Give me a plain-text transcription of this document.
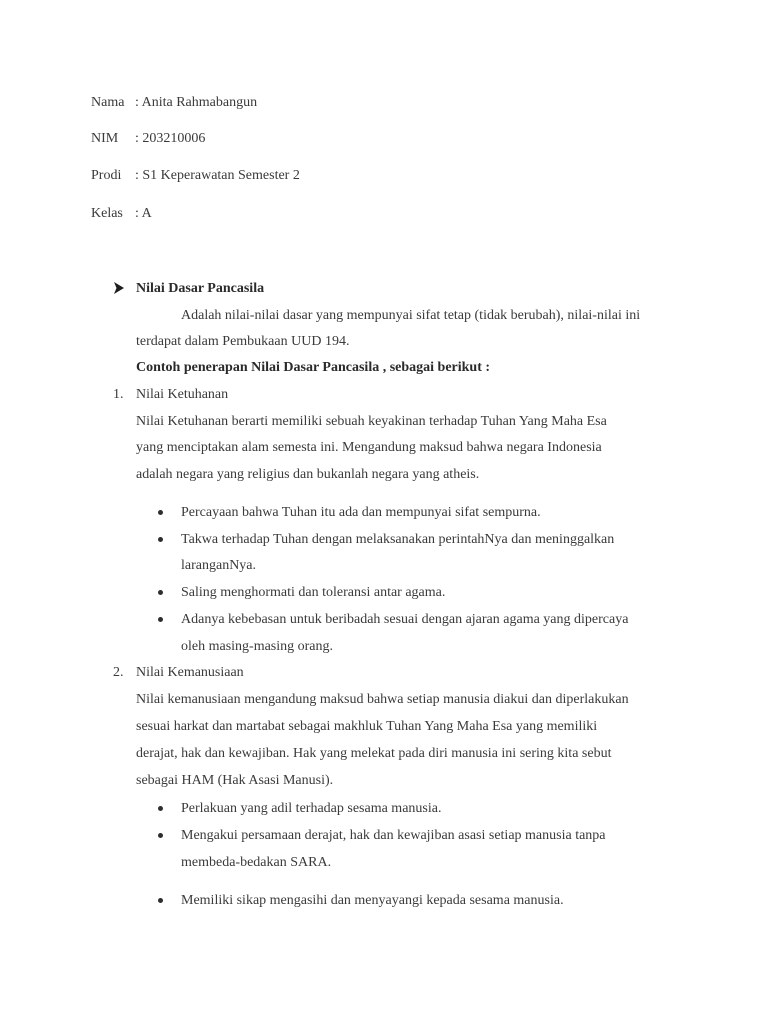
Nama : Anita Rahmabangun
NIM : 203210006
Prodi : S1 Keperawatan Semester 2
Kelas : A
Nilai Dasar Pancasila
Adalah nilai-nilai dasar yang mempunyai sifat tetap (tidak berubah), nilai-nilai ini
terdapat dalam Pembukaan UUD 194.
Contoh penerapan Nilai Dasar Pancasila , sebagai berikut :
1. Nilai Ketuhanan
Nilai Ketuhanan berarti memiliki sebuah keyakinan terhadap Tuhan Yang Maha Esa
yang menciptakan alam semesta ini. Mengandung maksud bahwa negara Indonesia
adalah negara yang religius dan bukanlah negara yang atheis.
Percayaan bahwa Tuhan itu ada dan mempunyai sifat sempurna.
Takwa terhadap Tuhan dengan melaksanakan perintahNya dan meninggalkan
laranganNya.
Saling menghormati dan toleransi antar agama.
Adanya kebebasan untuk beribadah sesuai dengan ajaran agama yang dipercaya
oleh masing-masing orang.
2. Nilai Kemanusiaan
Nilai kemanusiaan mengandung maksud bahwa setiap manusia diakui dan diperlakukan
sesuai harkat dan martabat sebagai makhluk Tuhan Yang Maha Esa yang memiliki
derajat, hak dan kewajiban. Hak yang melekat pada diri manusia ini sering kita sebut
sebagai HAM (Hak Asasi Manusi).
Perlakuan yang adil terhadap sesama manusia.
Mengakui persamaan derajat, hak dan kewajiban asasi setiap manusia tanpa
membeda-bedakan SARA.
Memiliki sikap mengasihi dan menyayangi kepada sesama manusia.
